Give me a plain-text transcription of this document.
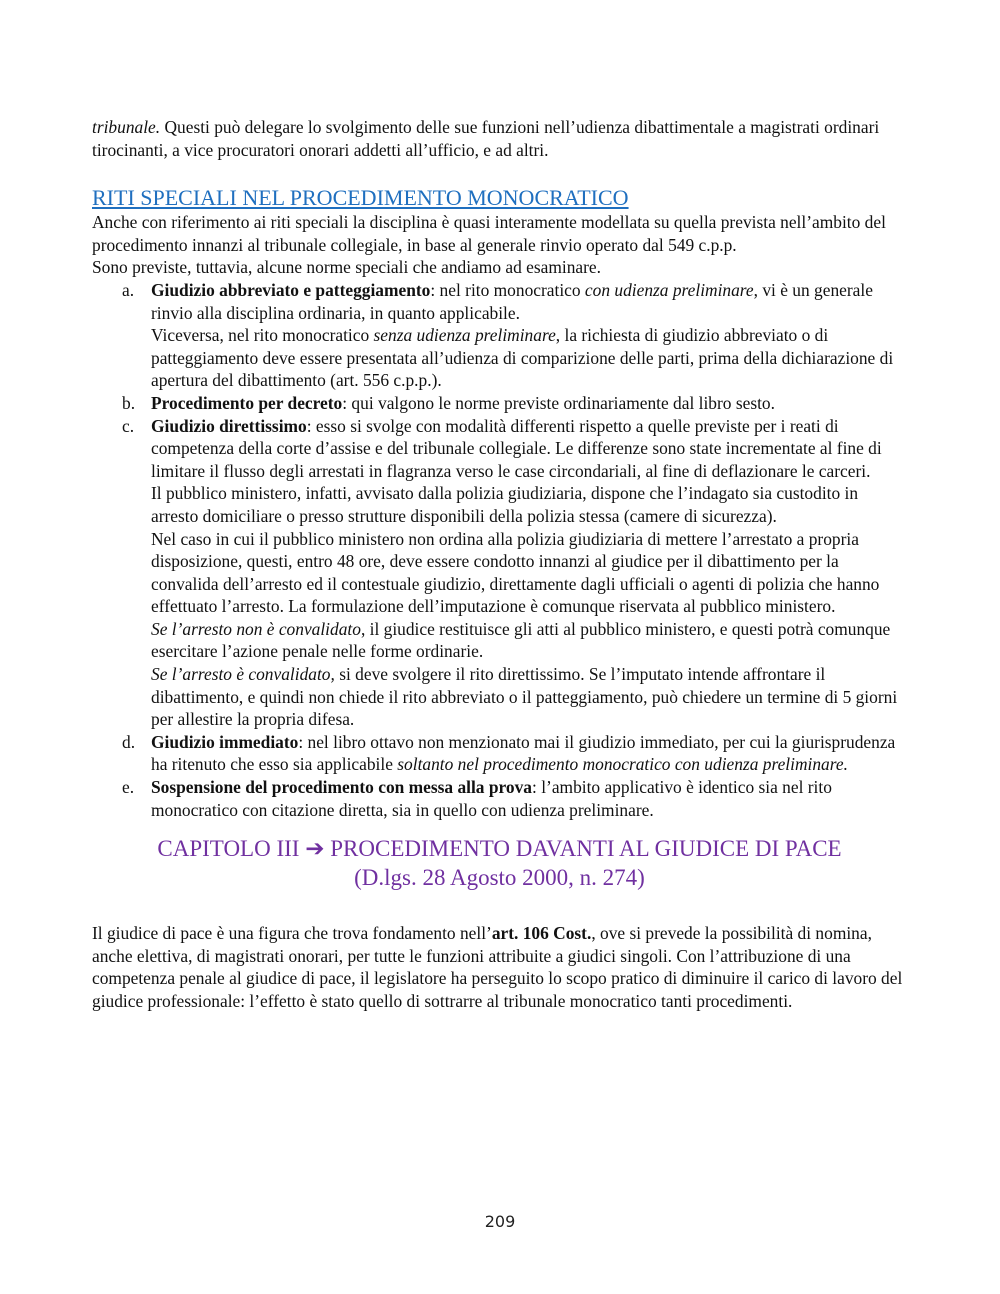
tribunale. Questi può delegare lo svolgimento delle sue funzioni nell’udienza dibattimentale a magistrati ordinari tirocinanti, a vice procuratori onorari addetti all’ufficio, e ad altri.

RITI SPECIALI NEL PROCEDIMENTO MONOCRATICO

Anche con riferimento ai riti speciali la disciplina è quasi interamente modellata su quella prevista nell’ambito del procedimento innanzi al tribunale collegiale, in base al generale rinvio operato dal 549 c.p.p.

Sono previste, tuttavia, alcune norme speciali che andiamo ad esaminare.

a. Giudizio abbreviato e patteggiamento: nel rito monocratico con udienza preliminare, vi è un generale rinvio alla disciplina ordinaria, in quanto applicabile.

Viceversa, nel rito monocratico senza udienza preliminare, la richiesta di giudizio abbreviato o di patteggiamento deve essere presentata all’udienza di comparizione delle parti, prima della dichiarazione di apertura del dibattimento (art. 556 c.p.p.).

b. Procedimento per decreto: qui valgono le norme previste ordinariamente dal libro sesto.

c. Giudizio direttissimo: esso si svolge con modalità differenti rispetto a quelle previste per i reati di competenza della corte d’assise e del tribunale collegiale. Le differenze sono state incrementate al fine di limitare il flusso degli arrestati in flagranza verso le case circondariali, al fine di deflazionare le carceri.

Il pubblico ministero, infatti, avvisato dalla polizia giudiziaria, dispone che l’indagato sia custodito in arresto domiciliare o presso strutture disponibili della polizia stessa (camere di sicurezza).

Nel caso in cui il pubblico ministero non ordina alla polizia giudiziaria di mettere l’arrestato a propria disposizione, questi, entro 48 ore, deve essere condotto innanzi al giudice per il dibattimento per la convalida dell’arresto ed il contestuale giudizio, direttamente dagli ufficiali o agenti di polizia che hanno effettuato l’arresto. La formulazione dell’imputazione è comunque riservata al pubblico ministero.

Se l’arresto non è convalidato, il giudice restituisce gli atti al pubblico ministero, e questi potrà comunque esercitare l’azione penale nelle forme ordinarie.

Se l’arresto è convalidato, si deve svolgere il rito direttissimo. Se l’imputato intende affrontare il dibattimento, e quindi non chiede il rito abbreviato o il patteggiamento, può chiedere un termine di 5 giorni per allestire la propria difesa.

d. Giudizio immediato: nel libro ottavo non menzionato mai il giudizio immediato, per cui la giurisprudenza ha ritenuto che esso sia applicabile soltanto nel procedimento monocratico con udienza preliminare.

e. Sospensione del procedimento con messa alla prova: l’ambito applicativo è identico sia nel rito monocratico con citazione diretta, sia in quello con udienza preliminare.

CAPITOLO III ➔ PROCEDIMENTO DAVANTI AL GIUDICE DI PACE
(D.lgs. 28 Agosto 2000, n. 274)

Il giudice di pace è una figura che trova fondamento nell’art. 106 Cost., ove si prevede la possibilità di nomina, anche elettiva, di magistrati onorari, per tutte le funzioni attribuite a giudici singoli. Con l’attribuzione di una competenza penale al giudice di pace, il legislatore ha perseguito lo scopo pratico di diminuire il carico di lavoro del giudice professionale: l’effetto è stato quello di sottrarre al tribunale monocratico tanti procedimenti.

209
